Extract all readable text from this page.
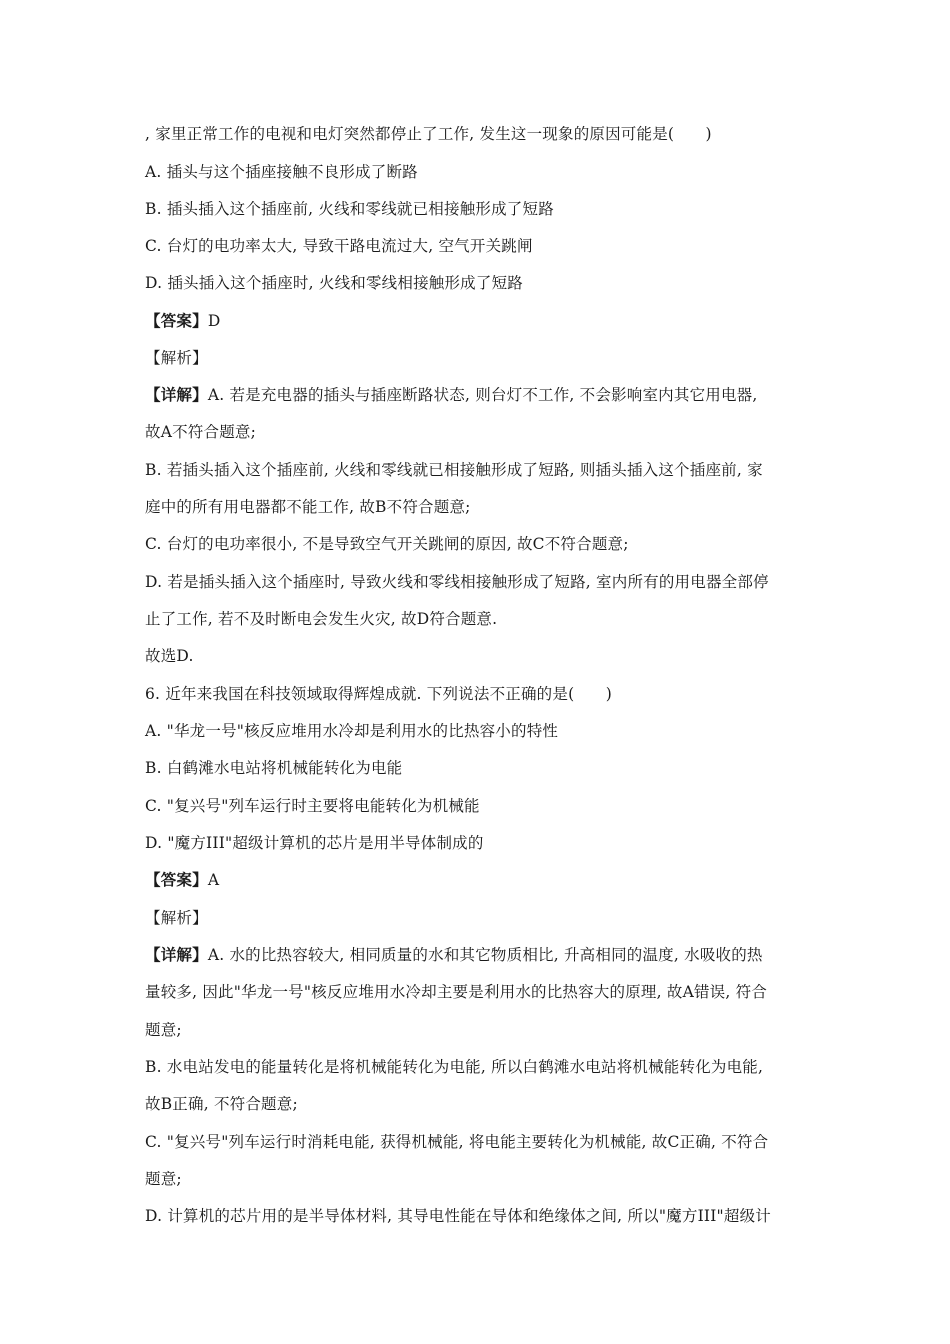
, 家里正常工作的电视和电灯突然都停止了工作, 发生这一现象的原因可能是(　　)
A. 插头与这个插座接触不良形成了断路
B. 插头插入这个插座前, 火线和零线就已相接触形成了短路
C. 台灯的电功率太大, 导致干路电流过大, 空气开关跳闸
D. 插头插入这个插座时, 火线和零线相接触形成了短路
【答案】D
【解析】
【详解】A. 若是充电器的插头与插座断路状态, 则台灯不工作, 不会影响室内其它用电器,
故A不符合题意;
B. 若插头插入这个插座前, 火线和零线就已相接触形成了短路, 则插头插入这个插座前, 家
庭中的所有用电器都不能工作, 故B不符合题意;
C. 台灯的电功率很小, 不是导致空气开关跳闸的原因, 故C不符合题意;
D. 若是插头插入这个插座时, 导致火线和零线相接触形成了短路, 室内所有的用电器全部停
止了工作, 若不及时断电会发生火灾, 故D符合题意.
故选D.
6. 近年来我国在科技领域取得辉煌成就. 下列说法不正确的是(　　)
A. "华龙一号"核反应堆用水冷却是利用水的比热容小的特性
B. 白鹤滩水电站将机械能转化为电能
C. "复兴号"列车运行时主要将电能转化为机械能
D. "魔方III"超级计算机的芯片是用半导体制成的
【答案】A
【解析】
【详解】A. 水的比热容较大, 相同质量的水和其它物质相比, 升高相同的温度, 水吸收的热
量较多, 因此"华龙一号"核反应堆用水冷却主要是利用水的比热容大的原理, 故A错误, 符合
题意;
B. 水电站发电的能量转化是将机械能转化为电能, 所以白鹤滩水电站将机械能转化为电能,
故B正确, 不符合题意;
C. "复兴号"列车运行时消耗电能, 获得机械能, 将电能主要转化为机械能, 故C正确, 不符合
题意;
D. 计算机的芯片用的是半导体材料, 其导电性能在导体和绝缘体之间, 所以"魔方III"超级计
